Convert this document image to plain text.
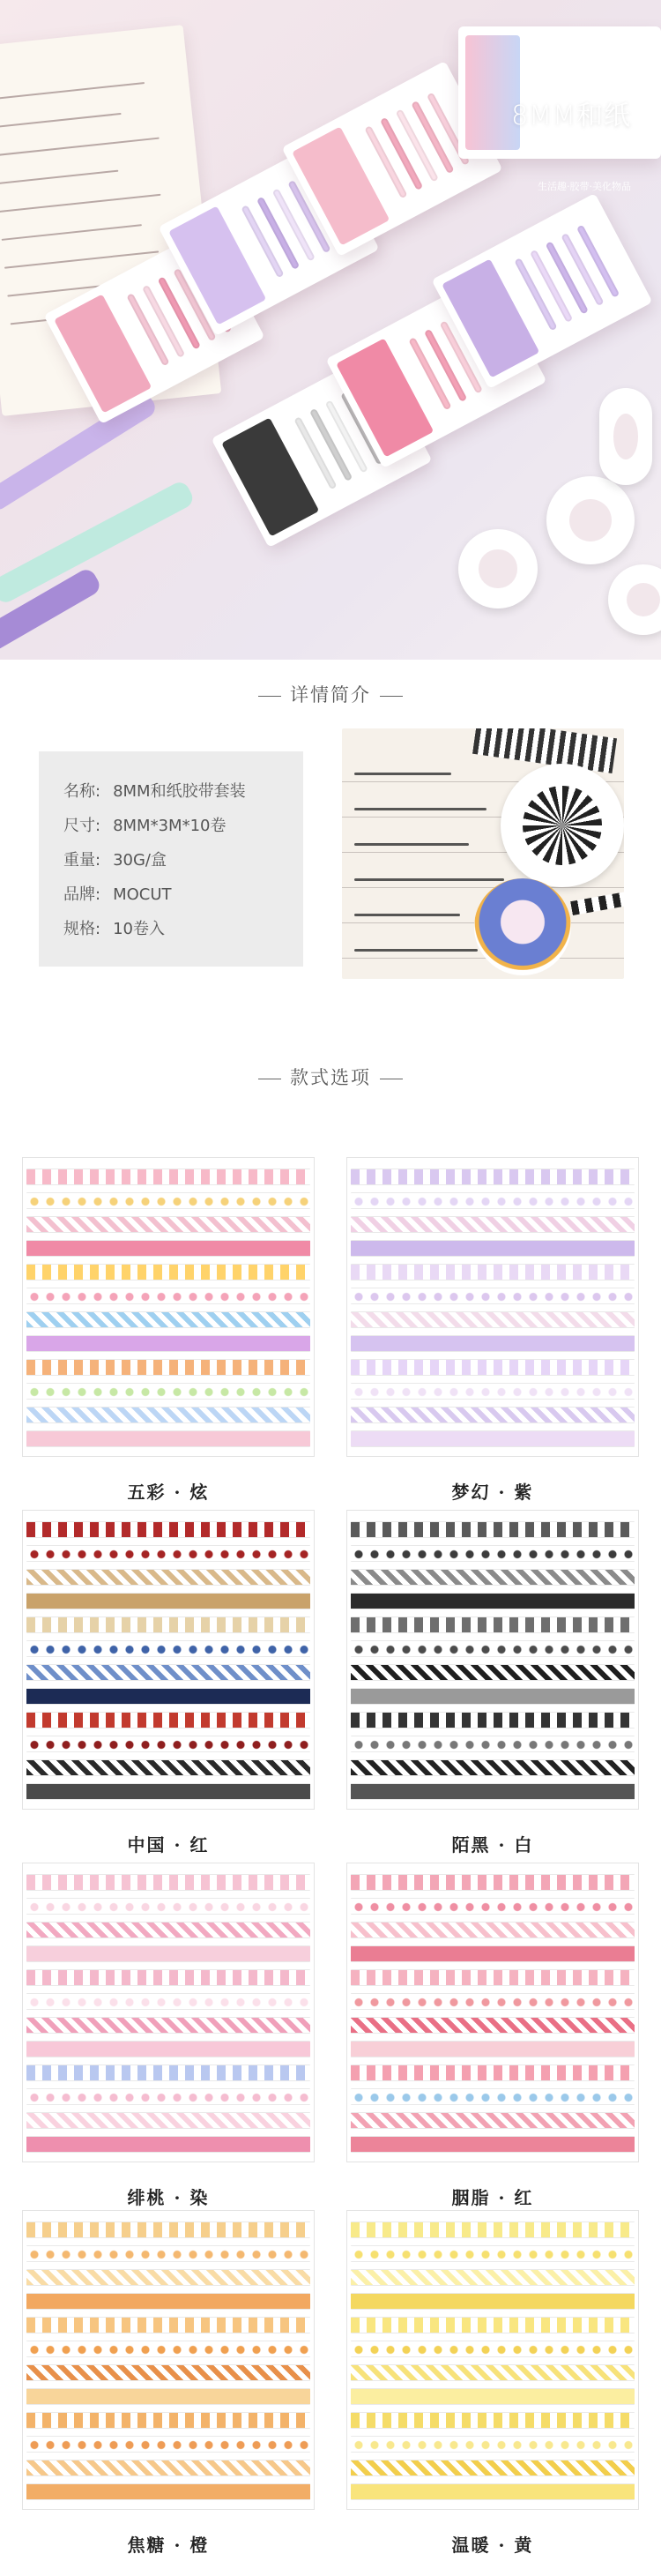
8MM和纸
手账装
生活趣·胶带·美化物品
详情简介
名称: 8MM和纸胶带套装
尺寸: 8MM*3M*10卷
重量: 30G/盒
品牌: MOCUT
规格: 10卷入
款式选项
五彩 · 炫	梦幻 · 紫
中国 · 红	陌黑 · 白
绯桃 · 染	胭脂 · 红
焦糖 · 橙	温暖 · 黄
